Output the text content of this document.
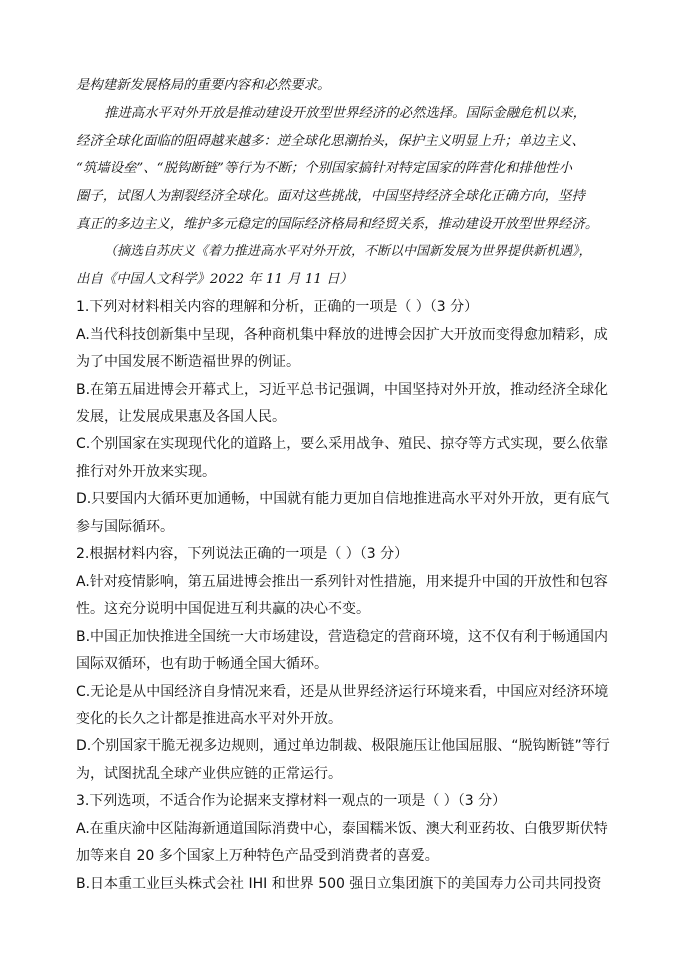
是构建新发展格局的重要内容和必然要求。
推进高水平对外开放是推动建设开放型世界经济的必然选择。国际金融危机以来，
经济全球化面临的阻碍越来越多：逆全球化思潮抬头，保护主义明显上升；单边主义、
“筑墙设垒”、“脱钩断链”等行为不断；个别国家搞针对特定国家的阵营化和排他性小
圈子，试图人为割裂经济全球化。面对这些挑战，中国坚持经济全球化正确方向，坚持
真正的多边主义，维护多元稳定的国际经济格局和经贸关系，推动建设开放型世界经济。
（摘选自苏庆义《着力推进高水平对外开放，不断以中国新发展为世界提供新机遇》，
出自《中国人文科学》2022 年 11 月 11 日）
1.下列对材料相关内容的理解和分析，正确的一项是（ ）（3 分）
A.当代科技创新集中呈现，各种商机集中释放的进博会因扩大开放而变得愈加精彩，成
为了中国发展不断造福世界的例证。
B.在第五届进博会开幕式上，习近平总书记强调，中国坚持对外开放，推动经济全球化
发展，让发展成果惠及各国人民。
C.个别国家在实现现代化的道路上，要么采用战争、殖民、掠夺等方式实现，要么依靠
推行对外开放来实现。
D.只要国内大循环更加通畅，中国就有能力更加自信地推进高水平对外开放，更有底气
参与国际循环。
2.根据材料内容，下列说法正确的一项是（ ）（3 分）
A.针对疫情影响，第五届进博会推出一系列针对性措施，用来提升中国的开放性和包容
性。这充分说明中国促进互利共赢的决心不变。
B.中国正加快推进全国统一大市场建设，营造稳定的营商环境，这不仅有利于畅通国内
国际双循环，也有助于畅通全国大循环。
C.无论是从中国经济自身情况来看，还是从世界经济运行环境来看，中国应对经济环境
变化的长久之计都是推进高水平对外开放。
D.个别国家干脆无视多边规则，通过单边制裁、极限施压让他国屈服、“脱钩断链”等行
为，试图扰乱全球产业供应链的正常运行。
3.下列选项，不适合作为论据来支撑材料一观点的一项是（ ）（3 分）
A.在重庆渝中区陆海新通道国际消费中心，泰国糯米饭、澳大利亚药妆、白俄罗斯伏特
加等来自 20 多个国家上万种特色产品受到消费者的喜爱。
B.日本重工业巨头株式会社 IHI 和世界 500 强日立集团旗下的美国寿力公司共同投资
